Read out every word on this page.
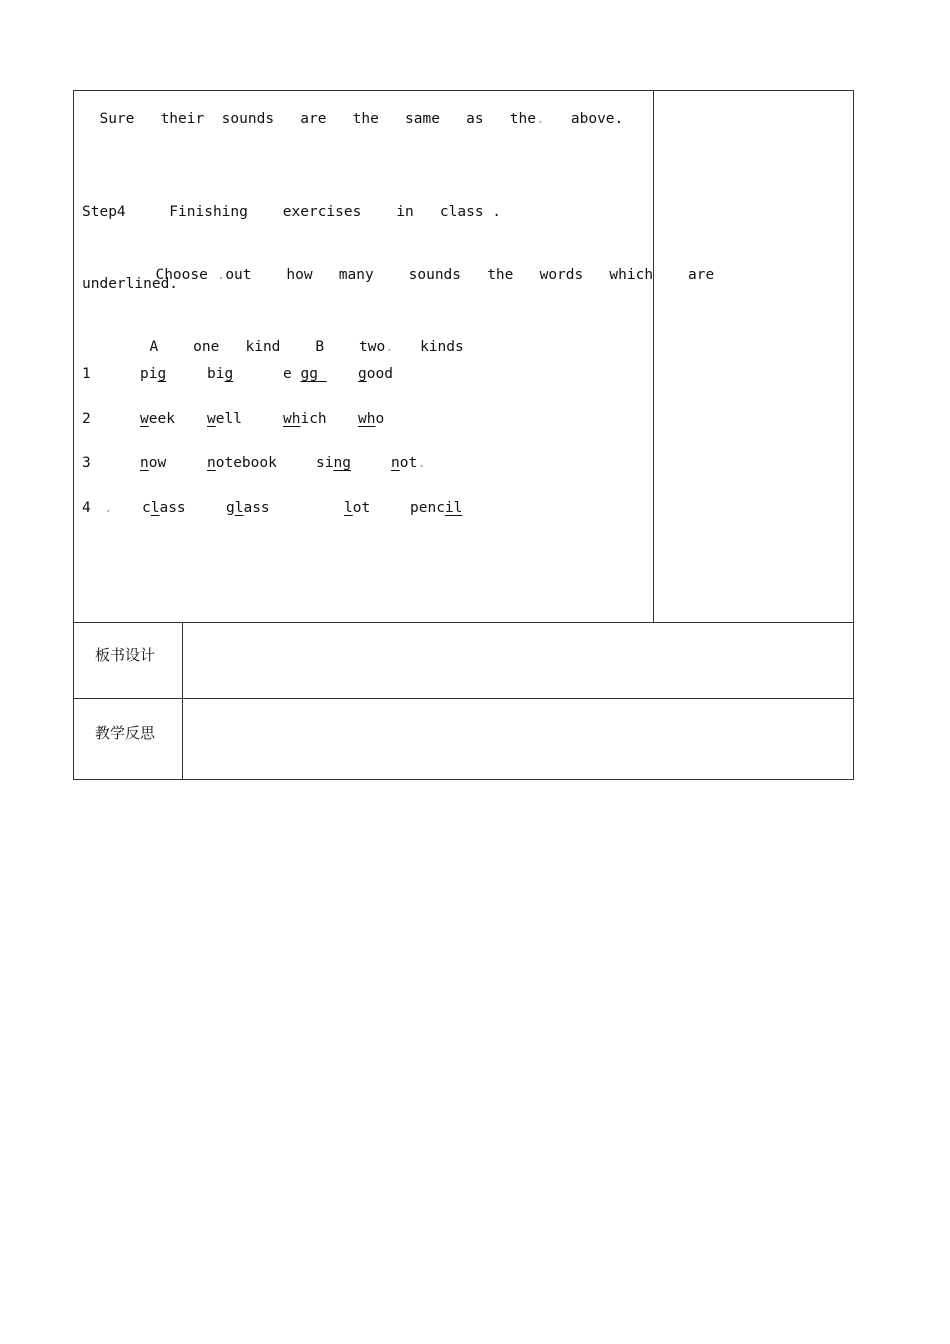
Sure   their  sounds   are   the   same   as   the.   above.

Step4     Finishing    exercises    in   class .

Choose .out    how   many    sounds   the   words   which    are

underlined.

A    one   kind    B    two.   kinds

1	pig	big	e gg good
2	week well	which who
3	now	notebook	sing	not.
4 . class	glass	lot	pencil
板书设计
教学反思
